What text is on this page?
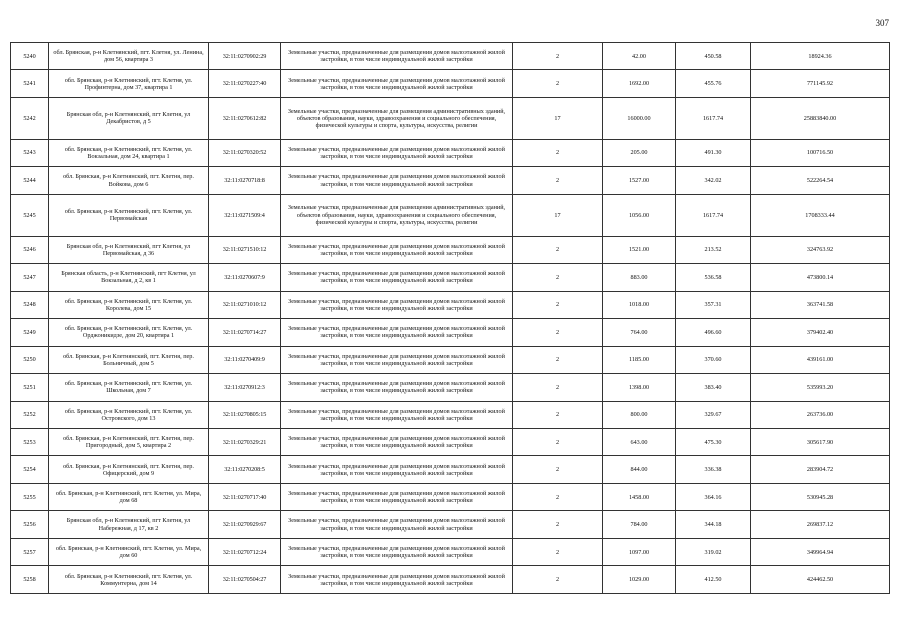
307
5240	обл. Брянская, р-н Клетнянский, пгт. Клетня, ул. Ленина, дом 56, квартира 3	32:11:0270902:29	Земельные участки, предназначенные для размещения домов малоэтажной жилой застройки, в том числе индивидуальной жилой застройки	2	42.00	450.58	18924.36
5241	обл. Брянская, р-н Клетнянский, пгт. Клетня, ул. Профинтерна, дом 37, квартира 1	32:11:0270227:40	Земельные участки, предназначенные для размещения домов малоэтажной жилой застройки, в том числе индивидуальной жилой застройки	2	1692.00	455.76	771145.92
5242	Брянская обл, р-н Клетнянский, пгт Клетня, ул Декабристов, д 5	32:11:0270612:82	Земельные участки, предназначенные для размещения административных зданий, объектов образования, науки, здравоохранения и социального обеспечения, физической культуры и спорта, культуры, искусства, религии	17	16000.00	1617.74	25883840.00
5243	обл. Брянская, р-н Клетнянский, пгт. Клетня, ул. Вокзальная, дом 24, квартира 1	32:11:0270320:52	Земельные участки, предназначенные для размещения домов малоэтажной жилой застройки, в том числе индивидуальной жилой застройки	2	205.00	491.30	100716.50
5244	обл. Брянская, р-н Клетнянский, пгт. Клетня, пер. Войкова, дом 6	32:11:0270718:8	Земельные участки, предназначенные для размещения домов малоэтажной жилой застройки, в том числе индивидуальной жилой застройки	2	1527.00	342.02	522264.54
5245	обл. Брянская, р-н Клетнянский, пгт. Клетня, ул. Первомайская	32:11:0271509:4	Земельные участки, предназначенные для размещения административных зданий, объектов образования, науки, здравоохранения и социального обеспечения, физической культуры и спорта, культуры, искусства, религии	17	1056.00	1617.74	1708333.44
5246	Брянская обл, р-н Клетнянский, пгт Клетня, ул Первомайская, д 36	32:11:0271510:12	Земельные участки, предназначенные для размещения домов малоэтажной жилой застройки, в том числе индивидуальной жилой застройки	2	1521.00	213.52	324763.92
5247	Брянская область, р-н Клетнянский, пгт Клетня, ул Вокзальная, д 2, кв 1	32:11:0270607:9	Земельные участки, предназначенные для размещения домов малоэтажной жилой застройки, в том числе индивидуальной жилой застройки	2	883.00	536.58	473800.14
5248	обл. Брянская, р-н Клетнянский, пгт. Клетня, ул. Королева, дом 15	32:11:0271010:12	Земельные участки, предназначенные для размещения домов малоэтажной жилой застройки, в том числе индивидуальной жилой застройки	2	1018.00	357.31	363741.58
5249	обл. Брянская, р-н Клетнянский, пгт. Клетня, ул. Орджоникидзе, дом 20, квартира 1	32:11:0270714:27	Земельные участки, предназначенные для размещения домов малоэтажной жилой застройки, в том числе индивидуальной жилой застройки	2	764.00	496.60	379402.40
5250	обл. Брянская, р-н Клетнянский, пгт. Клетня, пер. Больничный, дом 5	32:11:0270409:9	Земельные участки, предназначенные для размещения домов малоэтажной жилой застройки, в том числе индивидуальной жилой застройки	2	1185.00	370.60	439161.00
5251	обл. Брянская, р-н Клетнянский, пгт. Клетня, ул. Школьная, дом 7	32:11:0270912:3	Земельные участки, предназначенные для размещения домов малоэтажной жилой застройки, в том числе индивидуальной жилой застройки	2	1398.00	383.40	535993.20
5252	обл. Брянская, р-н Клетнянский, пгт. Клетня, ул. Островского, дом 13	32:11:0270805:15	Земельные участки, предназначенные для размещения домов малоэтажной жилой застройки, в том числе индивидуальной жилой застройки	2	800.00	329.67	263736.00
5253	обл. Брянская, р-н Клетнянский, пгт. Клетня, пер. Пригородный, дом 5, квартира 2	32:11:0270329:21	Земельные участки, предназначенные для размещения домов малоэтажной жилой застройки, в том числе индивидуальной жилой застройки	2	643.00	475.30	305617.90
5254	обл. Брянская, р-н Клетнянский, пгт. Клетня, пер. Офицерский, дом 9	32:11:0270208:5	Земельные участки, предназначенные для размещения домов малоэтажной жилой застройки, в том числе индивидуальной жилой застройки	2	844.00	336.38	283904.72
5255	обл. Брянская, р-н Клетнянский, пгт. Клетня, ул. Мира, дом 68	32:11:0270717:40	Земельные участки, предназначенные для размещения домов малоэтажной жилой застройки, в том числе индивидуальной жилой застройки	2	1458.00	364.16	530945.28
5256	Брянская обл, р-н Клетнянский, пгт Клетня, ул Набережная, д 17, кв 2	32:11:0270929:67	Земельные участки, предназначенные для размещения домов малоэтажной жилой застройки, в том числе индивидуальной жилой застройки	2	784.00	344.18	269837.12
5257	обл. Брянская, р-н Клетнянский, пгт. Клетня, ул. Мира, дом 60	32:11:0270712:24	Земельные участки, предназначенные для размещения домов малоэтажной жилой застройки, в том числе индивидуальной жилой застройки	2	1097.00	319.02	349964.94
5258	обл. Брянская, р-н Клетнянский, пгт. Клетня, ул. Коммунтерна, дом 14	32:11:0270504:27	Земельные участки, предназначенные для размещения домов малоэтажной жилой застройки, в том числе индивидуальной жилой застройки	2	1029.00	412.50	424462.50
